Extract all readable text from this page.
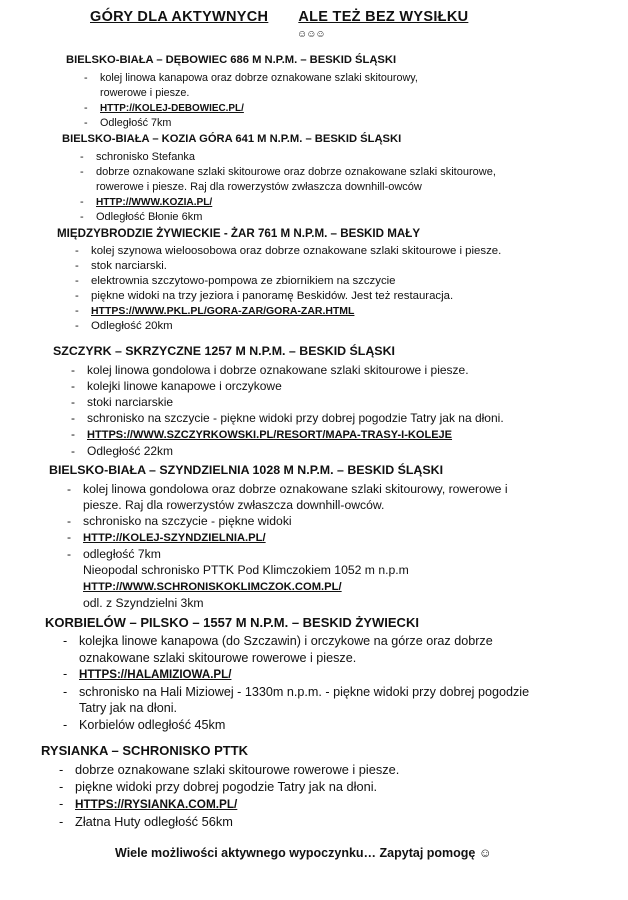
GÓRY DLA AKTYWNYCH ALE TEŻ BEZ WYSIŁKU
☺☺☺
BIELSKO-BIAŁA – DĘBOWIEC 686 M N.P.M. – BESKID ŚLĄSKI
- kolej linowa kanapowa oraz dobrze oznakowane szlaki skitourowy,
rowerowe i piesze.
- HTTP://KOLEJ-DEBOWIEC.PL/
- Odległość 7km
BIELSKO-BIAŁA – KOZIA GÓRA 641 M N.P.M. – BESKID ŚLĄSKI
- schronisko Stefanka
- dobrze oznakowane szlaki skitourowe oraz dobrze oznakowane szlaki skitourowe,
rowerowe i piesze. Raj dla rowerzystów zwłaszcza downhill-owców
- HTTP://WWW.KOZIA.PL/
- Odległość Błonie 6km
MIĘDZYBRODZIE ŻYWIECKIE - ŻAR 761 M N.P.M. – BESKID MAŁY
- kolej szynowa wieloosobowa oraz dobrze oznakowane szlaki skitourowe i piesze.
- stok narciarski.
- elektrownia szczytowo-pompowa ze zbiornikiem na szczycie
- piękne widoki na trzy jeziora i panoramę Beskidów. Jest też restauracja.
- HTTPS://WWW.PKL.PL/GORA-ZAR/GORA-ZAR.HTML
- Odległość 20km
SZCZYRK – SKRZYCZNE 1257 M N.P.M. – BESKID ŚLĄSKI
- kolej linowa gondolowa i dobrze oznakowane szlaki skitourowe i piesze.
- kolejki linowe kanapowe i orczykowe
- stoki narciarskie
- schronisko na szczycie - piękne widoki przy dobrej pogodzie Tatry jak na dłoni.
- HTTPS://WWW.SZCZYRKOWSKI.PL/RESORT/MAPA-TRASY-I-KOLEJE
- Odległość 22km
BIELSKO-BIAŁA – SZYNDZIELNIA 1028 M N.P.M. – BESKID ŚLĄSKI
- kolej linowa gondolowa oraz dobrze oznakowane szlaki skitourowy, rowerowe i
piesze. Raj dla rowerzystów zwłaszcza downhill-owców.
- schronisko na szczycie - piękne widoki
- HTTP://KOLEJ-SZYNDZIELNIA.PL/
- odległość 7km
Nieopodal schronisko PTTK Pod Klimczokiem 1052 m n.p.m
HTTP://WWW.SCHRONISKOKLIMCZOK.COM.PL/
odl. z Szyndzielni 3km
KORBIELÓW – PILSKO – 1557 M N.P.M. – BESKID ŻYWIECKI
- kolejka linowe kanapowa (do Szczawin) i orczykowe na górze oraz dobrze
oznakowane szlaki skitourowe rowerowe i piesze.
- HTTPS://HALAMIZIOWA.PL/
- schronisko na Hali Miziowej - 1330m n.p.m. - piękne widoki przy dobrej pogodzie
Tatry jak na dłoni.
- Korbielów odległość 45km
RYSIANKA – SCHRONISKO PTTK
- dobrze oznakowane szlaki skitourowe rowerowe i piesze.
- piękne widoki przy dobrej pogodzie Tatry jak na dłoni.
- HTTPS://RYSIANKA.COM.PL/
- Złatna Huty odległość 56km
Wiele możliwości aktywnego wypoczynku… Zapytaj pomogę ☺
